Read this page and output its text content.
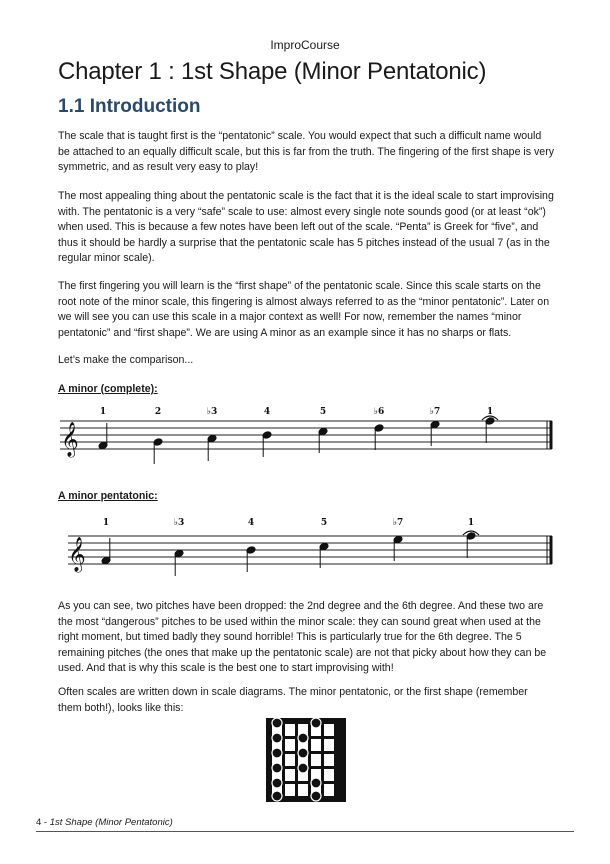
ImproCourse
Chapter 1 : 1st Shape (Minor Pentatonic)
1.1 Introduction

The scale that is taught first is the “pentatonic” scale. You would expect that such a difficult name would be attached to an equally difficult scale, but this is far from the truth. The fingering of the first shape is very symmetric, and as result very easy to play!

The most appealing thing about the pentatonic scale is the fact that it is the ideal scale to start improvising with. The pentatonic is a very “safe” scale to use: almost every single note sounds good (or at least “ok”) when used. This is because a few notes have been left out of the scale. “Penta” is Greek for “five”, and thus it should be hardly a surprise that the pentatonic scale has 5 pitches instead of the usual 7 (as in the regular minor scale).

The first fingering you will learn is the “first shape” of the pentatonic scale. Since this scale starts on the root note of the minor scale, this fingering is almost always referred to as the “minor pentatonic”. Later on we will see you can use this scale in a major context as well! For now, remember the names “minor pentatonic” and “first shape”. We are using A minor as an example since it has no sharps or flats.

Let’s make the comparison...

A minor (complete):

𝄞
1	2	♭3	4	5	♭6	♭7	1

A minor pentatonic:

𝄞
1	♭3	4	5	♭7	1

As you can see, two pitches have been dropped: the 2nd degree and the 6th degree. And these two are the most “dangerous” pitches to be used within the minor scale: they can sound great when used at the right moment, but timed badly they sound horrible! This is particularly true for the 6th degree. The 5 remaining pitches (the ones that make up the pentatonic scale) are not that picky about how they can be used. And that is why this scale is the best one to start improvising with!

Often scales are written down in scale diagrams. The minor pentatonic, or the first shape (remember them both!), looks like this:

4 - 1st Shape (Minor Pentatonic)
